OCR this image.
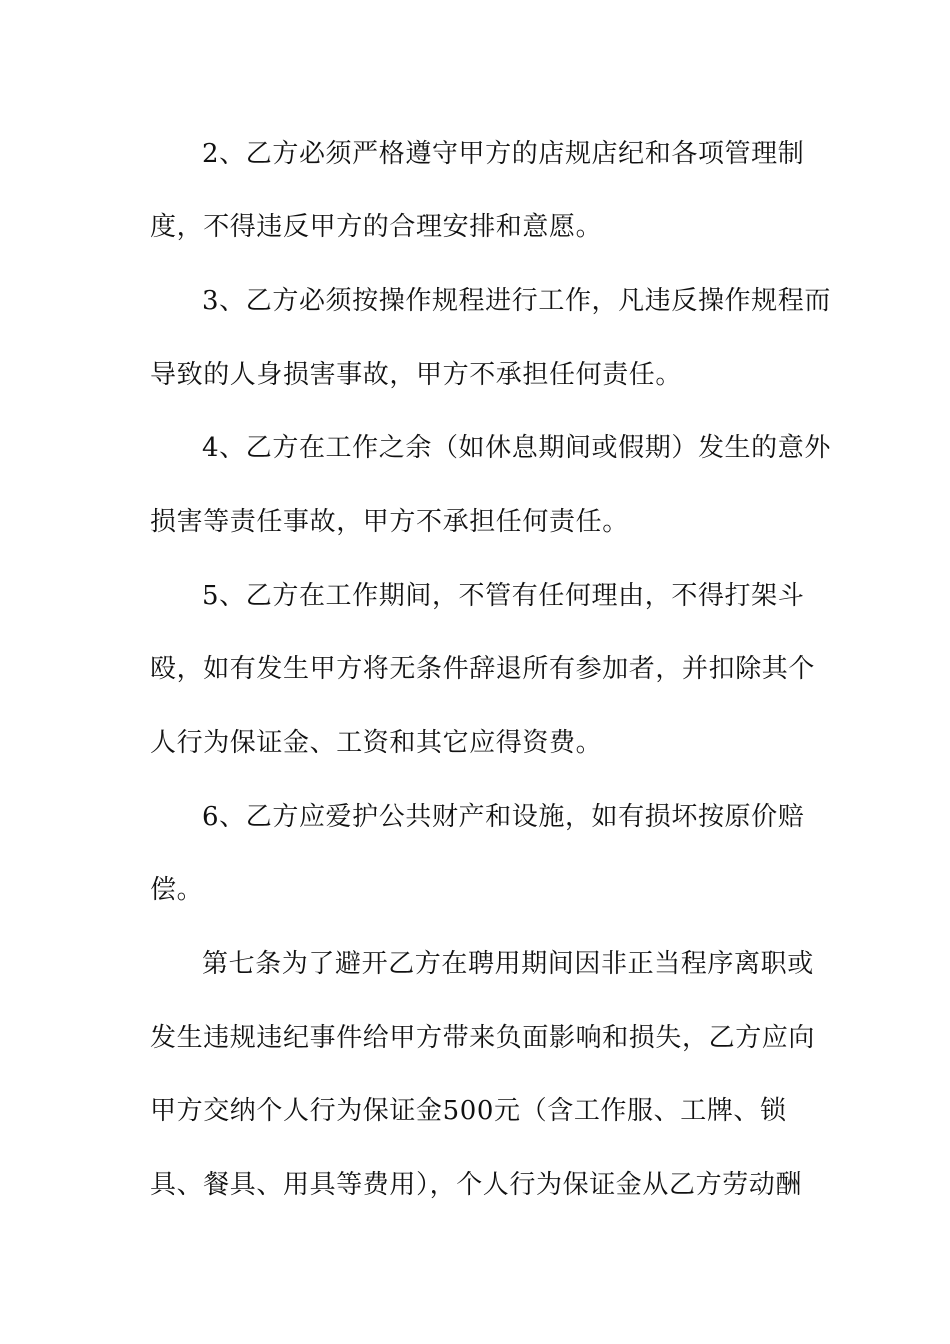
2、乙方必须严格遵守甲方的店规店纪和各项管理制
度，不得违反甲方的合理安排和意愿。
3、乙方必须按操作规程进行工作，凡违反操作规程而
导致的人身损害事故，甲方不承担任何责任。
4、乙方在工作之余（如休息期间或假期）发生的意外
损害等责任事故，甲方不承担任何责任。
5、乙方在工作期间，不管有任何理由，不得打架斗
殴，如有发生甲方将无条件辞退所有参加者，并扣除其个
人行为保证金、工资和其它应得资费。
6、乙方应爱护公共财产和设施，如有损坏按原价赔
偿。
第七条为了避开乙方在聘用期间因非正当程序离职或
发生违规违纪事件给甲方带来负面影响和损失，乙方应向
甲方交纳个人行为保证金500元（含工作服、工牌、锁
具、餐具、用具等费用），个人行为保证金从乙方劳动酬
